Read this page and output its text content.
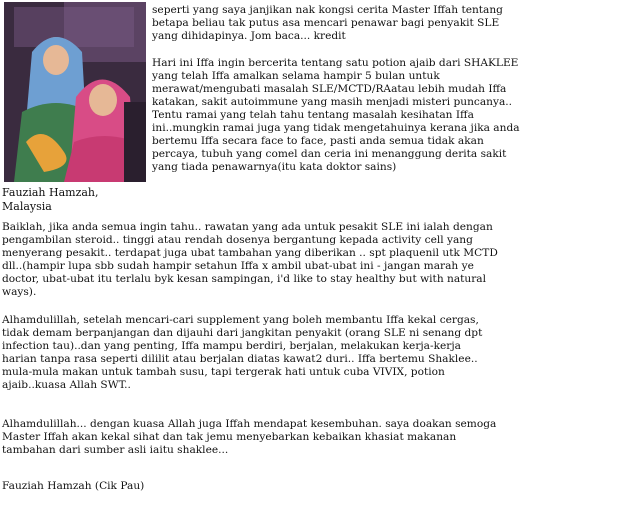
Fauziah Hamzah,
Malaysia
seperti yang saya janjikan nak kongsi cerita Master Iffah tentang
betapa beliau tak putus asa mencari penawar bagi penyakit SLE
yang dihidapinya. Jom baca... kredit
Hari ini Iffa ingin bercerita tentang satu potion ajaib dari SHAKLEE
yang telah Iffa amalkan selama hampir 5 bulan untuk
merawat/mengubati masalah SLE/MCTD/RAatau lebih mudah Iffa
katakan, sakit autoimmune yang masih menjadi misteri puncanya..
Tentu ramai yang telah tahu tentang masalah kesihatan Iffa
ini..mungkin ramai juga yang tidak mengetahuinya kerana jika anda
bertemu Iffa secara face to face, pasti anda semua tidak akan
percaya, tubuh yang comel dan ceria ini menanggung derita sakit
yang tiada penawarnya(itu kata doktor sains)
Baiklah, jika anda semua ingin tahu.. rawatan yang ada untuk pesakit SLE ini ialah dengan
pengambilan steroid.. tinggi atau rendah dosenya bergantung kepada activity cell yang
menyerang pesakit.. terdapat juga ubat tambahan yang diberikan .. spt plaquenil utk MCTD
dll..(hampir lupa sbb sudah hampir setahun Iffa x ambil ubat-ubat ini - jangan marah ye
doctor, ubat-ubat itu terlalu byk kesan sampingan, i'd like to stay healthy but with natural
ways).
Alhamdulillah, setelah mencari-cari supplement yang boleh membantu Iffa kekal cergas,
tidak demam berpanjangan dan dijauhi dari jangkitan penyakit (orang SLE ni senang dpt
infection tau)..dan yang penting, Iffa mampu berdiri, berjalan, melakukan kerja-kerja
harian tanpa rasa seperti dililit atau berjalan diatas kawat2 duri.. Iffa bertemu Shaklee..
mula-mula makan untuk tambah susu, tapi tergerak hati untuk cuba VIVIX, potion
ajaib..kuasa Allah SWT..
Alhamdulillah... dengan kuasa Allah juga Iffah mendapat kesembuhan. saya doakan semoga
Master Iffah akan kekal sihat dan tak jemu menyebarkan kebaikan khasiat makanan
tambahan dari sumber asli iaitu shaklee...
Fauziah Hamzah (Cik Pau)
